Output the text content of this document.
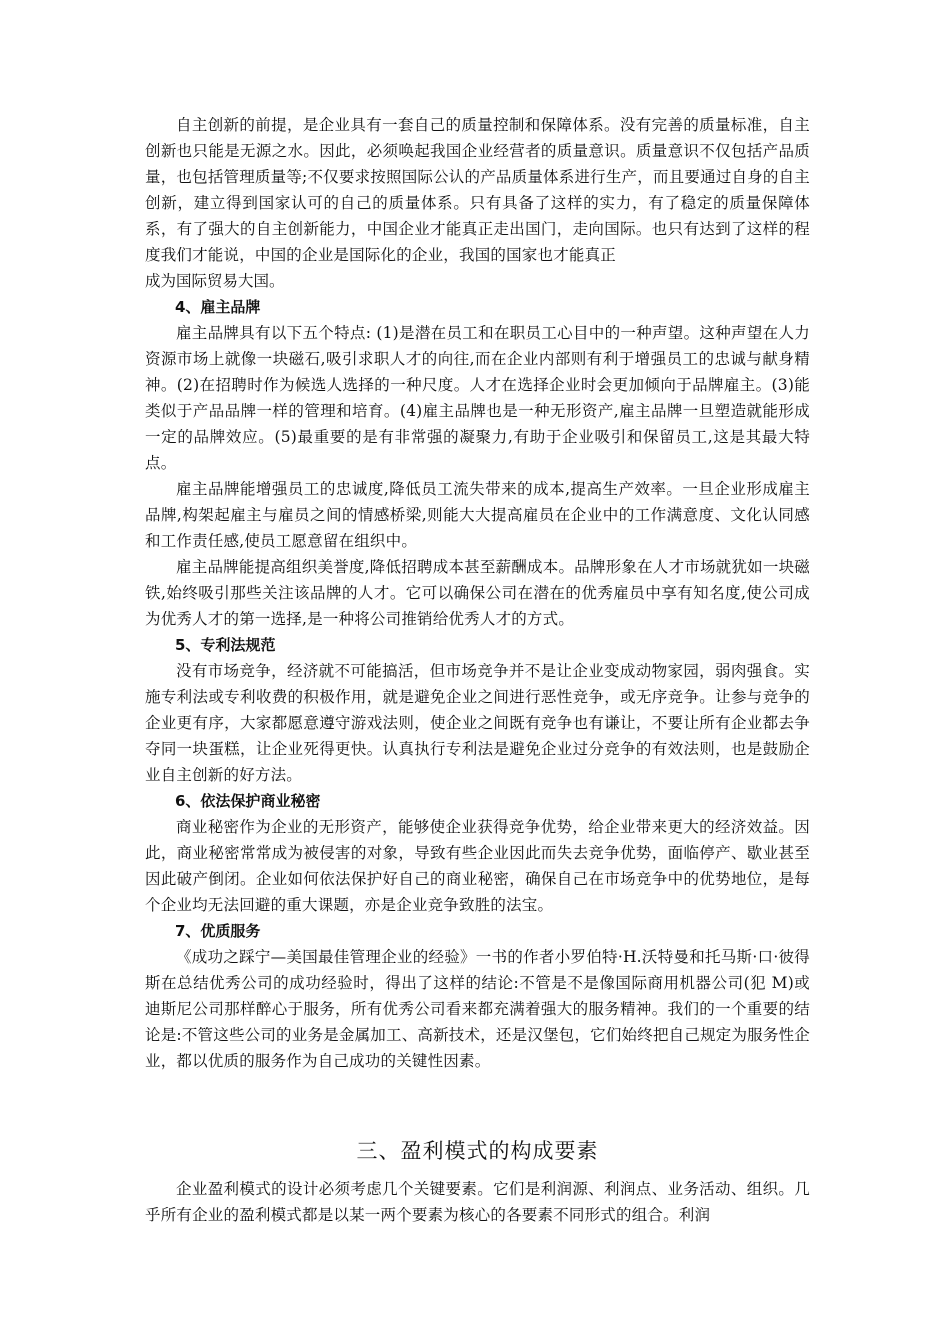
自主创新的前提，是企业具有一套自己的质量控制和保障体系。没有完善的质量标准，自主创新也只能是无源之水。因此，必须唤起我国企业经营者的质量意识。质量意识不仅包括产品质量，也包括管理质量等;不仅要求按照国际公认的产品质量体系进行生产，而且要通过自身的自主创新，建立得到国家认可的自己的质量体系。只有具备了这样的实力，有了稳定的质量保障体系，有了强大的自主创新能力，中国企业才能真正走出国门，走向国际。也只有达到了这样的程度我们才能说，中国的企业是国际化的企业，我国的国家也才能真正

成为国际贸易大国。

4、雇主品牌

雇主品牌具有以下五个特点: (1)是潜在员工和在职员工心目中的一种声望。这种声望在人力资源市场上就像一块磁石,吸引求职人才的向往,而在企业内部则有利于增强员工的忠诚与献身精神。(2)在招聘时作为候选人选择的一种尺度。人才在选择企业时会更加倾向于品牌雇主。(3)能类似于产品品牌一样的管理和培育。(4)雇主品牌也是一种无形资产,雇主品牌一旦塑造就能形成一定的品牌效应。(5)最重要的是有非常强的凝聚力,有助于企业吸引和保留员工,这是其最大特点。

雇主品牌能增强员工的忠诚度,降低员工流失带来的成本,提高生产效率。一旦企业形成雇主品牌,构架起雇主与雇员之间的情感桥梁,则能大大提高雇员在企业中的工作满意度、文化认同感和工作责任感,使员工愿意留在组织中。

雇主品牌能提高组织美誉度,降低招聘成本甚至薪酬成本。品牌形象在人才市场就犹如一块磁铁,始终吸引那些关注该品牌的人才。它可以确保公司在潜在的优秀雇员中享有知名度,使公司成为优秀人才的第一选择,是一种将公司推销给优秀人才的方式。

5、专利法规范

没有市场竞争，经济就不可能搞活，但市场竞争并不是让企业变成动物家园，弱肉强食。实施专利法或专利收费的积极作用，就是避免企业之间进行恶性竞争，或无序竞争。让参与竞争的企业更有序，大家都愿意遵守游戏法则，使企业之间既有竞争也有谦让，不要让所有企业都去争夺同一块蛋糕，让企业死得更快。认真执行专利法是避免企业过分竞争的有效法则，也是鼓励企业自主创新的好方法。

6、依法保护商业秘密

商业秘密作为企业的无形资产，能够使企业获得竞争优势，给企业带来更大的经济效益。因此，商业秘密常常成为被侵害的对象，导致有些企业因此而失去竞争优势，面临停产、歇业甚至因此破产倒闭。企业如何依法保护好自己的商业秘密，确保自己在市场竞争中的优势地位，是每个企业均无法回避的重大课题，亦是企业竞争致胜的法宝。

7、优质服务

《成功之踩宁—美国最佳管理企业的经验》一书的作者小罗伯特·H.沃特曼和托马斯·口·彼得斯在总结优秀公司的成功经验时，得出了这样的结论:不管是不是像国际商用机器公司(犯 M)或迪斯尼公司那样醉心于服务，所有优秀公司看来都充满着强大的服务精神。我们的一个重要的结论是:不管这些公司的业务是金属加工、高新技术，还是汉堡包，它们始终把自己规定为服务性企业，都以优质的服务作为自己成功的关键性因素。

三、盈利模式的构成要素

企业盈利模式的设计必须考虑几个关键要素。它们是利润源、利润点、业务活动、组织。几乎所有企业的盈利模式都是以某一两个要素为核心的各要素不同形式的组合。利润
